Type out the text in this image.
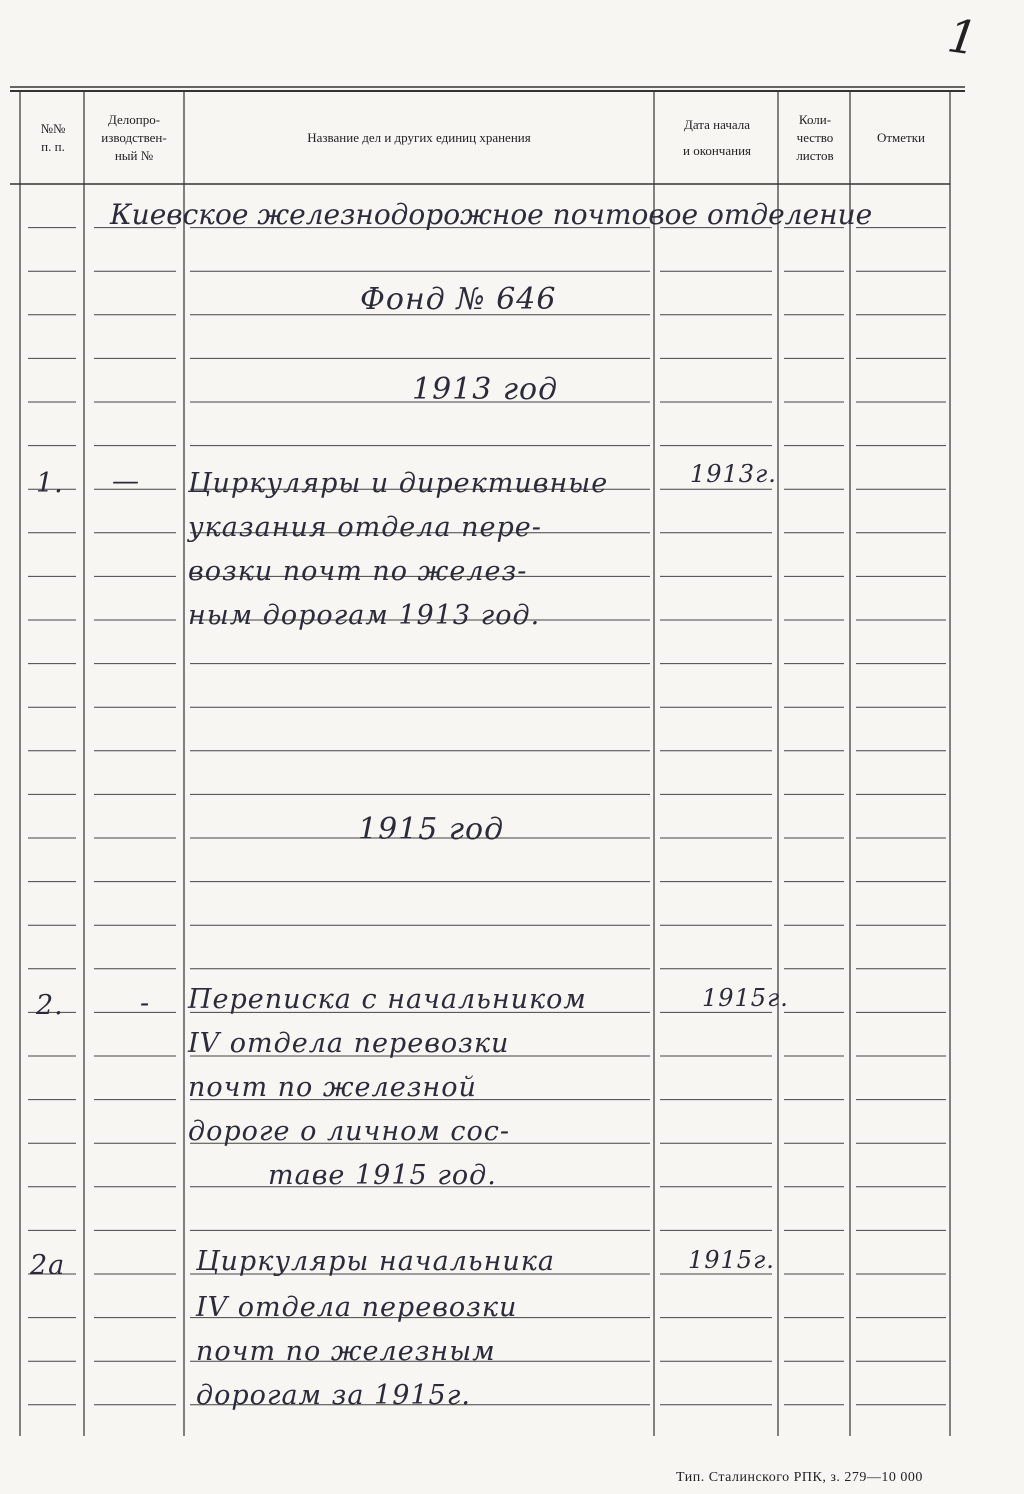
1
№№
п. п.
Делопро-
изводствен-
ный №
Название дел и других единиц хранения
Дата начала
и окончания
Коли-
чество
листов
Отметки
Киевское железнодорожное почтовое отделение
Фонд № 646
1913 год
1. — Циркуляры и директивные
указания отдела пере-
возки почт по желез-
ным дорогам 1913 год.
1913г.
1915 год
2.	- Переписка с начальником
IV отдела перевозки
почт по железной
дороге о личном сос-
таве 1915 год.
1915г.
2а	Циркуляры начальника
IV отдела перевозки
почт по железным
дорогам за 1915г.
1915г.
Тип. Сталинского РПК, з. 279—10 000
